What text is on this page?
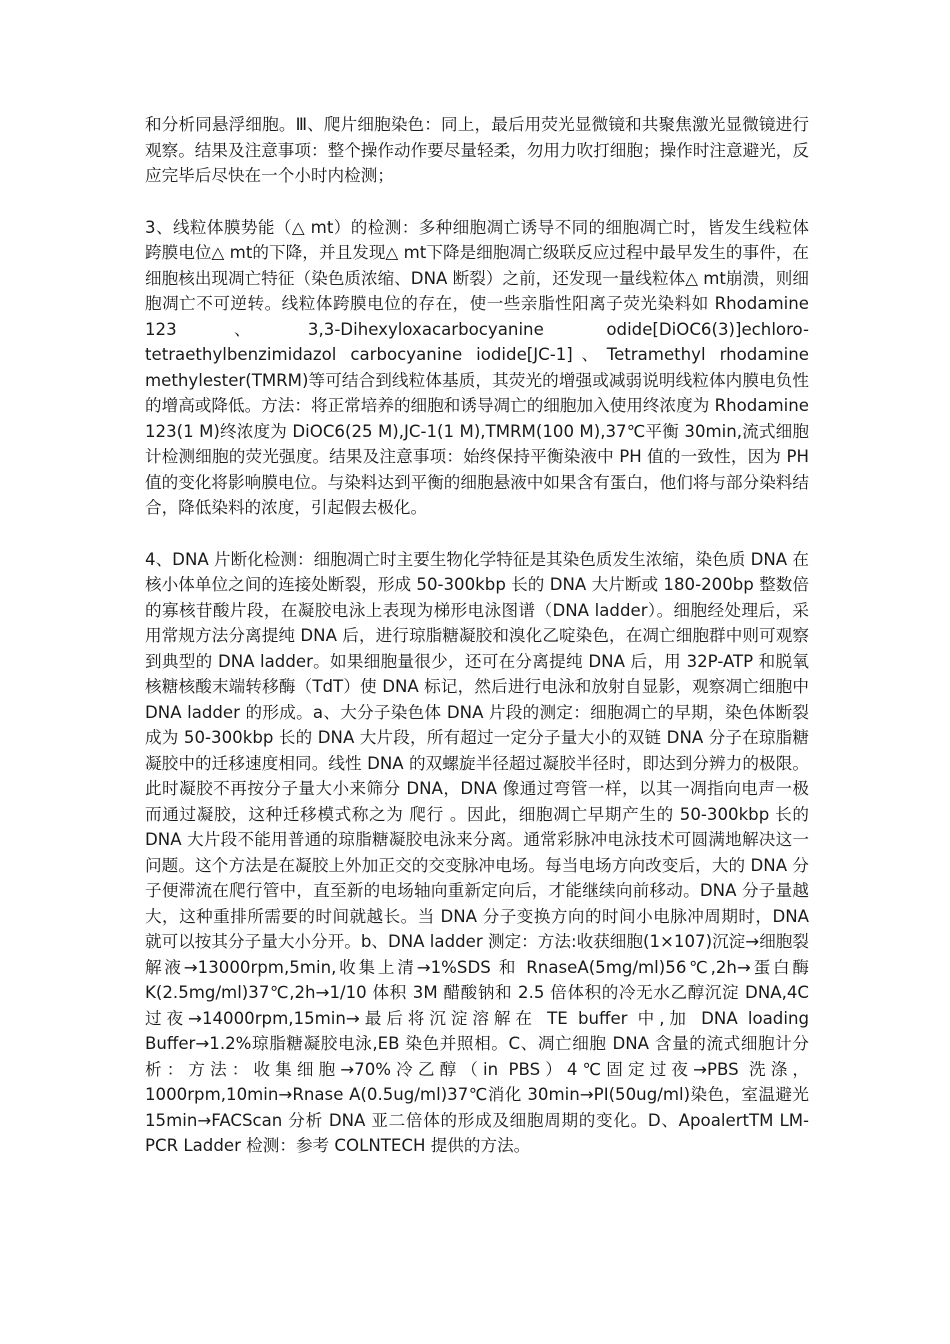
和分析同悬浮细胞。Ⅲ、爬片细胞染色：同上，最后用荧光显微镜和共聚焦激光显微镜进行观察。结果及注意事项：整个操作动作要尽量轻柔，勿用力吹打细胞；操作时注意避光，反应完毕后尽快在一个小时内检测；

3、线粒体膜势能（△ mt）的检测：多种细胞凋亡诱导不同的细胞凋亡时，皆发生线粒体跨膜电位△ mt的下降，并且发现△ mt下降是细胞凋亡级联反应过程中最早发生的事件，在细胞核出现凋亡特征（染色质浓缩、DNA 断裂）之前，还发现一量线粒体△ mt崩溃，则细胞凋亡不可逆转。线粒体跨膜电位的存在，使一些亲脂性阳离子荧光染料如 Rhodamine 123、3,3-Dihexyloxacarbocyanine odide[DiOC6(3)]echloro-tetraethylbenzimidazol carbocyanine iodide[JC-1]、Tetramethyl rhodamine methylester(TMRM)等可结合到线粒体基质，其荧光的增强或减弱说明线粒体内膜电负性的增高或降低。方法：将正常培养的细胞和诱导凋亡的细胞加入使用终浓度为 Rhodamine 123(1 M)终浓度为 DiOC6(25 M),JC-1(1 M),TMRM(100 M),37℃平衡 30min,流式细胞计检测细胞的荧光强度。结果及注意事项：始终保持平衡染液中 PH 值的一致性，因为 PH 值的变化将影响膜电位。与染料达到平衡的细胞悬液中如果含有蛋白，他们将与部分染料结合，降低染料的浓度，引起假去极化。

4、DNA 片断化检测：细胞凋亡时主要生物化学特征是其染色质发生浓缩，染色质 DNA 在核小体单位之间的连接处断裂，形成 50-300kbp 长的 DNA 大片断或 180-200bp 整数倍的寡核苷酸片段，在凝胶电泳上表现为梯形电泳图谱（DNA ladder）。细胞经处理后，采用常规方法分离提纯 DNA 后，进行琼脂糖凝胶和溴化乙啶染色，在凋亡细胞群中则可观察到典型的 DNA ladder。如果细胞量很少，还可在分离提纯 DNA 后，用 32P-ATP 和脱氧核糖核酸末端转移酶（TdT）使 DNA 标记，然后进行电泳和放射自显影，观察凋亡细胞中 DNA ladder 的形成。a、大分子染色体 DNA 片段的测定：细胞凋亡的早期，染色体断裂成为 50-300kbp 长的 DNA 大片段，所有超过一定分子量大小的双链 DNA 分子在琼脂糖凝胶中的迁移速度相同。线性 DNA 的双螺旋半径超过凝胶半径时，即达到分辨力的极限。此时凝胶不再按分子量大小来筛分 DNA，DNA 像通过弯管一样，以其一凋指向电声一极而通过凝胶，这种迁移模式称之为 爬行 。因此，细胞凋亡早期产生的 50-300kbp 长的 DNA 大片段不能用普通的琼脂糖凝胶电泳来分离。通常彩脉冲电泳技术可圆满地解决这一问题。这个方法是在凝胶上外加正交的交变脉冲电场。每当电场方向改变后，大的 DNA 分子便滞流在爬行管中，直至新的电场轴向重新定向后，才能继续向前移动。DNA 分子量越大，这种重排所需要的时间就越长。当 DNA 分子变换方向的时间小电脉冲周期时，DNA 就可以按其分子量大小分开。b、DNA ladder 测定：方法:收获细胞(1×107)沉淀→细胞裂解液→13000rpm,5min,收集上清→1%SDS 和 RnaseA(5mg/ml)56℃,2h→蛋白酶 K(2.5mg/ml)37℃,2h→1/10 体积 3M 醋酸钠和 2.5 倍体积的冷无水乙醇沉淀 DNA,4C 过夜→14000rpm,15min→最后将沉淀溶解在 TE buffer 中,加 DNA loading Buffer→1.2%琼脂糖凝胶电泳,EB 染色并照相。C、凋亡细胞 DNA 含量的流式细胞计分析：方法：收集细胞→70%冷乙醇（in PBS）4℃固定过夜→PBS 洗涤，1000rpm,10min→Rnase A(0.5ug/ml)37℃消化 30min→PI(50ug/ml)染色，室温避光 15min→FACScan 分析 DNA 亚二倍体的形成及细胞周期的变化。D、ApoalertTM LM-PCR Ladder 检测：参考 COLNTECH 提供的方法。
